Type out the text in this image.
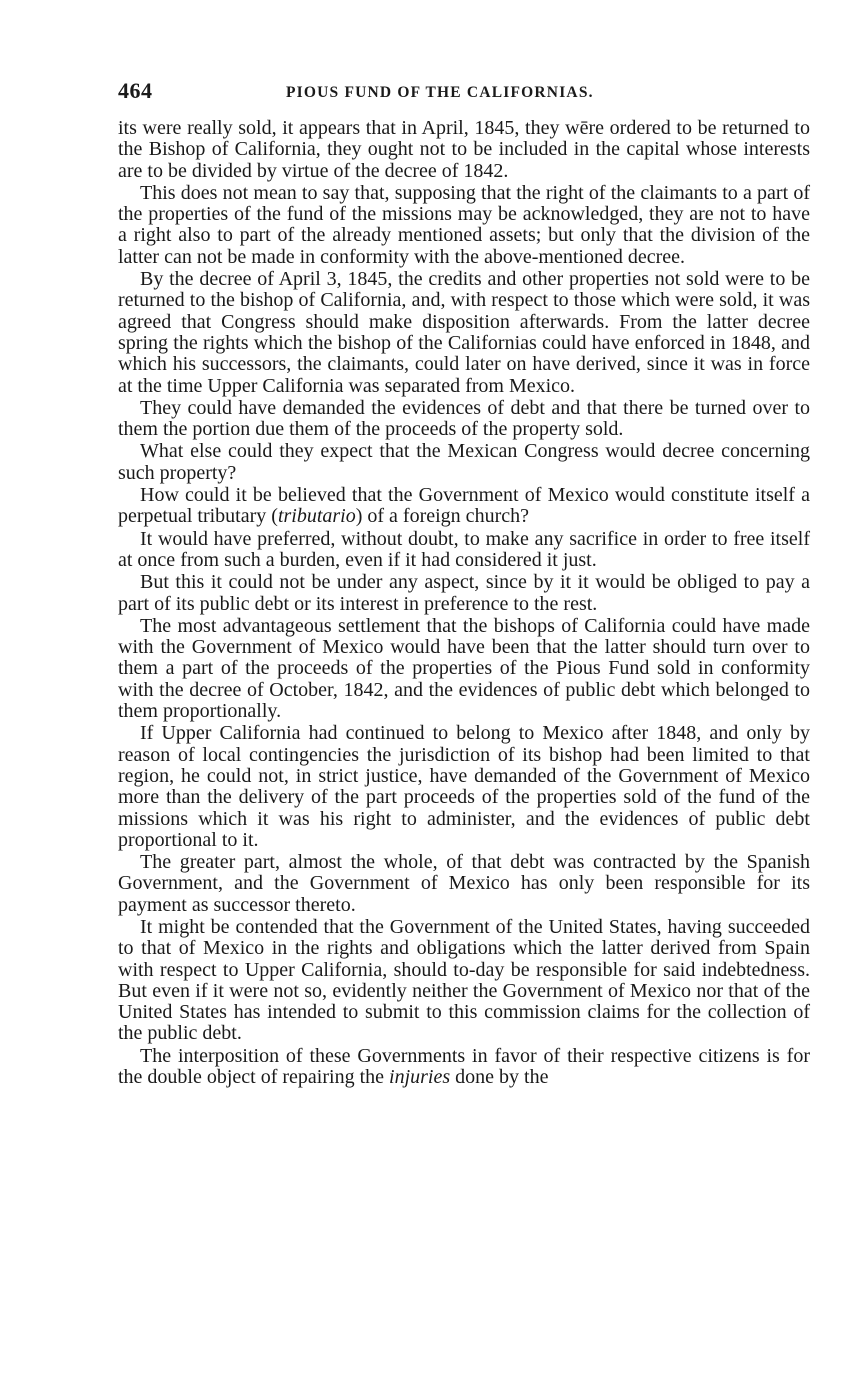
464	PIOUS FUND OF THE CALIFORNIAS.

its were really sold, it appears that in April, 1845, they wēre ordered to be returned to the Bishop of California, they ought not to be included in the capital whose interests are to be divided by virtue of the decree of 1842.

This does not mean to say that, supposing that the right of the claimants to a part of the properties of the fund of the missions may be acknowledged, they are not to have a right also to part of the already mentioned assets; but only that the division of the latter can not be made in conformity with the above-mentioned decree.

By the decree of April 3, 1845, the credits and other properties not sold were to be returned to the bishop of California, and, with respect to those which were sold, it was agreed that Congress should make disposition afterwards. From the latter decree spring the rights which the bishop of the Californias could have enforced in 1848, and which his successors, the claimants, could later on have derived, since it was in force at the time Upper California was separated from Mexico.

They could have demanded the evidences of debt and that there be turned over to them the portion due them of the proceeds of the property sold.

What else could they expect that the Mexican Congress would decree concerning such property?

How could it be believed that the Government of Mexico would constitute itself a perpetual tributary (tributario) of a foreign church?

It would have preferred, without doubt, to make any sacrifice in order to free itself at once from such a burden, even if it had considered it just.

But this it could not be under any aspect, since by it it would be obliged to pay a part of its public debt or its interest in preference to the rest.

The most advantageous settlement that the bishops of California could have made with the Government of Mexico would have been that the latter should turn over to them a part of the proceeds of the properties of the Pious Fund sold in conformity with the decree of October, 1842, and the evidences of public debt which belonged to them proportionally.

If Upper California had continued to belong to Mexico after 1848, and only by reason of local contingencies the jurisdiction of its bishop had been limited to that region, he could not, in strict justice, have demanded of the Government of Mexico more than the delivery of the part proceeds of the properties sold of the fund of the missions which it was his right to administer, and the evidences of public debt proportional to it.

The greater part, almost the whole, of that debt was contracted by the Spanish Government, and the Government of Mexico has only been responsible for its payment as successor thereto.

It might be contended that the Government of the United States, having succeeded to that of Mexico in the rights and obligations which the latter derived from Spain with respect to Upper California, should to-day be responsible for said indebtedness. But even if it were not so, evidently neither the Government of Mexico nor that of the United States has intended to submit to this commission claims for the collection of the public debt.

The interposition of these Governments in favor of their respective citizens is for the double object of repairing the injuries done by the
